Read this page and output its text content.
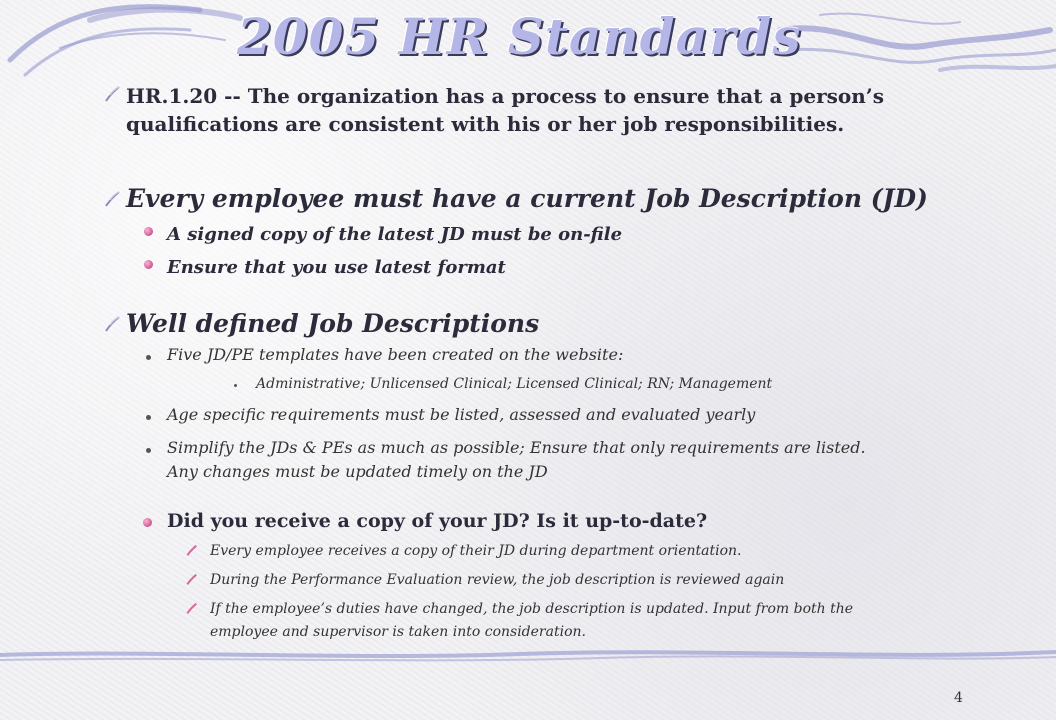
2005 HR Standards
HR.1.20 -- The organization has a process to ensure that a person’s
qualifications are consistent with his or her job responsibilities.
Every employee must have a current Job Description (JD)
A signed copy of the latest JD must be on-file
Ensure that you use latest format
Well defined Job Descriptions
Five JD/PE templates have been created on the website:
Administrative; Unlicensed Clinical; Licensed Clinical; RN; Management
Age specific requirements must be listed, assessed and evaluated yearly
Simplify the JDs & PEs as much as possible; Ensure that only requirements are listed.
Any changes must be updated timely on the JD
Did you receive a copy of your JD? Is it up-to-date?
Every employee receives a copy of their JD during department orientation.
During the Performance Evaluation review, the job description is reviewed again
If the employee’s duties have changed, the job description is updated. Input from both the
employee and supervisor is taken into consideration.
4
